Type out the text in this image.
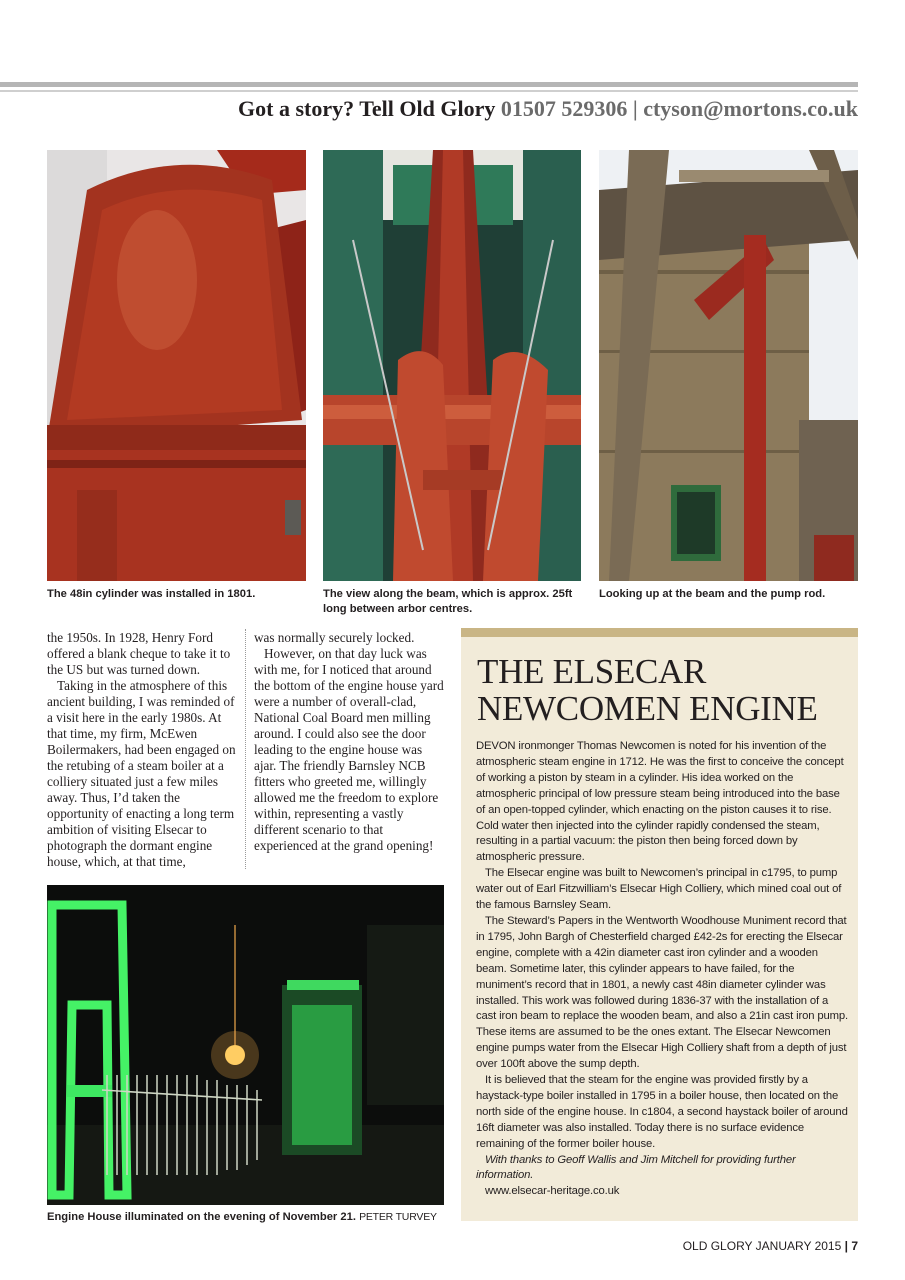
Got a story? Tell Old Glory 01507 529306 | ctyson@mortons.co.uk
The 48in cylinder was installed in 1801.	The view along the beam, which is approx. 25ft long between arbor centres.
Looking up at the beam and the pump rod.

the 1950s. In 1928, Henry Ford offered a blank cheque to take it to the US but was turned down.

Taking in the atmosphere of this ancient building, I was reminded of a visit here in the early 1980s. At that time, my firm, McEwen Boilermakers, had been engaged on the retubing of a steam boiler at a colliery situated just a few miles away. Thus, I’d taken the opportunity of enacting a long term ambition of visiting Elsecar to photograph the dormant engine house, which, at that time,

was normally securely locked.

However, on that day luck was with me, for I noticed that around the bottom of the engine house yard were a number of overall-clad, National Coal Board men milling around. I could also see the door leading to the engine house was ajar. The friendly Barnsley NCB fitters who greeted me, willingly allowed me the freedom to explore within, representing a vastly different scenario to that experienced at the grand opening!

Engine House illuminated on the evening of November 21. PETER TURVEY
THE ELSECAR NEWCOMEN ENGINE

DEVON ironmonger Thomas Newcomen is noted for his invention of the atmospheric steam engine in 1712. He was the first to conceive the concept of working a piston by steam in a cylinder. His idea worked on the atmospheric principal of low pressure steam being introduced into the base of an open-topped cylinder, which enacting on the piston causes it to rise. Cold water then injected into the cylinder rapidly condensed the steam, resulting in a partial vacuum: the piston then being forced down by atmospheric pressure.

The Elsecar engine was built to Newcomen’s principal in c1795, to pump water out of Earl Fitzwilliam’s Elsecar High Colliery, which mined coal out of the famous Barnsley Seam.

The Steward’s Papers in the Wentworth Woodhouse Muniment record that in 1795, John Bargh of Chesterfield charged £42-2s for erecting the Elsecar engine, complete with a 42in diameter cast iron cylinder and a wooden beam. Sometime later, this cylinder appears to have failed, for the muniment’s record that in 1801, a newly cast 48in diameter cylinder was installed. This work was followed during 1836-37 with the installation of a cast iron beam to replace the wooden beam, and also a 21in cast iron pump. These items are assumed to be the ones extant. The Elsecar Newcomen engine pumps water from the Elsecar High Colliery shaft from a depth of just over 100ft above the sump depth.

It is believed that the steam for the engine was provided firstly by a haystack-type boiler installed in 1795 in a boiler house, then located on the north side of the engine house. In c1804, a second haystack boiler of around 16ft diameter was also installed. Today there is no surface evidence remaining of the former boiler house.

With thanks to Geoff Wallis and Jim Mitchell for providing further information.

www.elsecar-heritage.co.uk

OLD GLORY JANUARY 2015 | 7
